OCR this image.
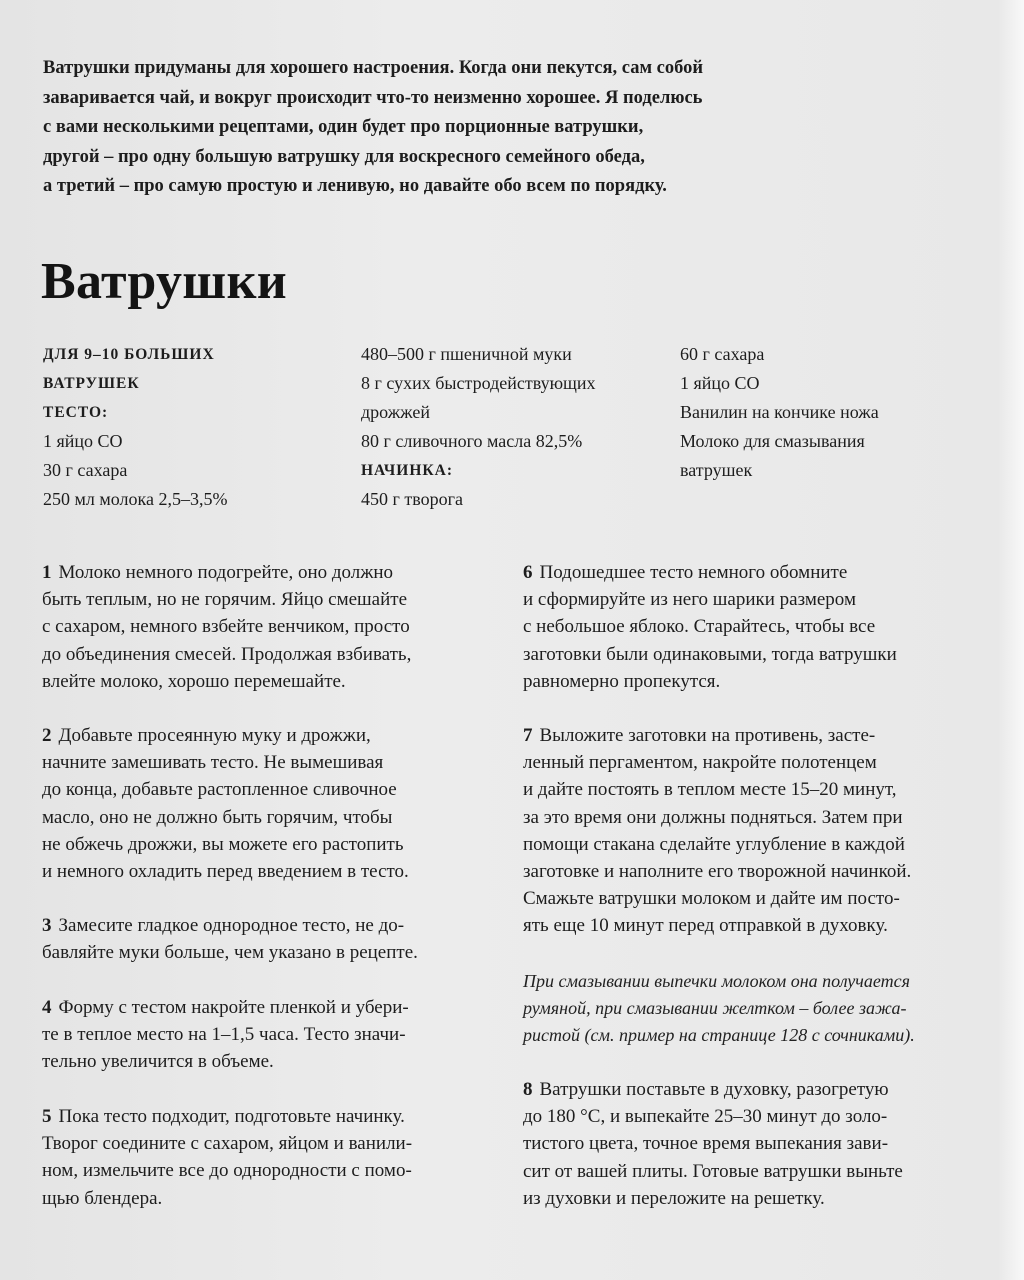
Ватрушки придуманы для хорошего настроения. Когда они пекутся, сам собой

заваривается чай, и вокруг происходит что-то неизменно хорошее. Я поделюсь

с вами несколькими рецептами, один будет про порционные ватрушки,

другой – про одну большую ватрушку для воскресного семейного обеда,

а третий – про самую простую и ленивую, но давайте обо всем по порядку.

Ватрушки
ДЛЯ 9–10 БОЛЬШИХ
ВАТРУШЕК
ТЕСТО:
1 яйцо СО
30 г сахара
250 мл молока 2,5–3,5%
480–500 г пшеничной муки
8 г сухих быстродействующих
дрожжей
80 г сливочного масла 82,5%
НАЧИНКА:
450 г творога
60 г сахара
1 яйцо СО
Ванилин на кончике ножа
Молоко для смазывания
ватрушек
1 Молоко немного подогрейте, оно должно
быть теплым, но не горячим. Яйцо смешайте
с сахаром, немного взбейте венчиком, просто
до объединения смесей. Продолжая взбивать,
влейте молоко, хорошо перемешайте.
2 Добавьте просеянную муку и дрожжи,
начните замешивать тесто. Не вымешивая
до конца, добавьте растопленное сливочное
масло, оно не должно быть горячим, чтобы
не обжечь дрожжи, вы можете его растопить
и немного охладить перед введением в тесто.
3 Замесите гладкое однородное тесто, не до-
бавляйте муки больше, чем указано в рецепте.
4 Форму с тестом накройте пленкой и убери-
те в теплое место на 1–1,5 часа. Тесто значи-
тельно увеличится в объеме.
5 Пока тесто подходит, подготовьте начинку.
Творог соедините с сахаром, яйцом и ванили-
ном, измельчите все до однородности с помо-
щью блендера.
6 Подошедшее тесто немного обомните
и сформируйте из него шарики размером
с небольшое яблоко. Старайтесь, чтобы все
заготовки были одинаковыми, тогда ватрушки
равномерно пропекутся.
7 Выложите заготовки на противень, засте-
ленный пергаментом, накройте полотенцем
и дайте постоять в теплом месте 15–20 минут,
за это время они должны подняться. Затем при
помощи стакана сделайте углубление в каждой
заготовке и наполните его творожной начинкой.
Смажьте ватрушки молоком и дайте им посто-
ять еще 10 минут перед отправкой в духовку.
При смазывании выпечки молоком она получается
румяной, при смазывании желтком – более зажа-
ристой (см. пример на странице 128 с сочниками).
8 Ватрушки поставьте в духовку, разогретую
до 180 °С, и выпекайте 25–30 минут до золо-
тистого цвета, точное время выпекания зави-
сит от вашей плиты. Готовые ватрушки выньте
из духовки и переложите на решетку.
